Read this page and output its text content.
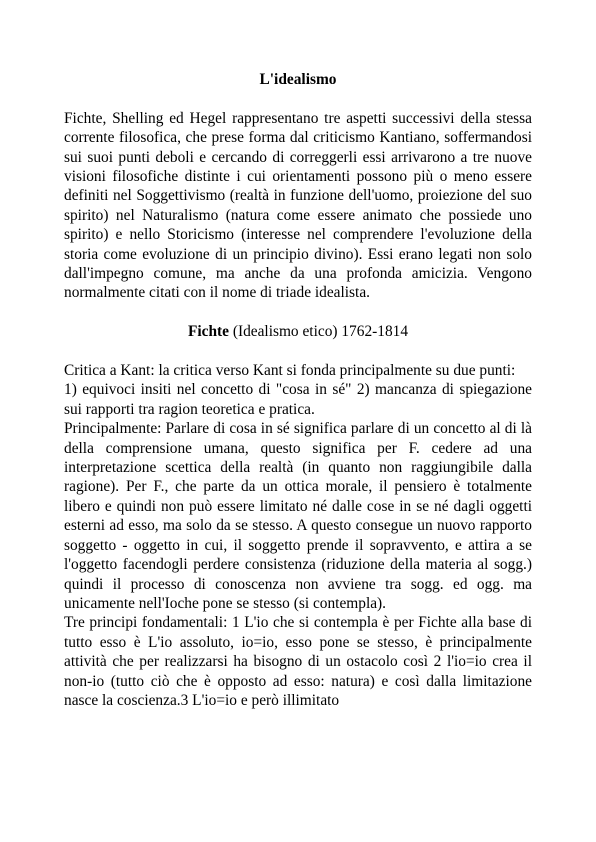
L'idealismo

Fichte, Shelling ed Hegel rappresentano tre aspetti successivi della stessa corrente filosofica, che prese forma dal criticismo Kantiano, soffermandosi sui suoi punti deboli e cercando di correggerli essi arrivarono a tre nuove visioni filosofiche distinte i cui orientamenti possono più o meno essere definiti nel Soggettivismo (realtà in funzione dell'uomo, proiezione del suo spirito) nel Naturalismo (natura come essere animato che possiede uno spirito) e nello Storicismo (interesse nel comprendere l'evoluzione della storia come evoluzione di un principio divino). Essi erano legati non solo dall'impegno comune, ma anche da una profonda amicizia. Vengono normalmente citati con il nome di triade idealista.

Fichte (Idealismo etico) 1762-1814

Critica a Kant: la critica verso Kant si fonda principalmente su due punti:

1) equivoci insiti nel concetto di "cosa in sé" 2) mancanza di spiegazione sui rapporti tra ragion teoretica e pratica.

Principalmente: Parlare di cosa in sé significa parlare di un concetto al di là della comprensione umana, questo significa per F. cedere ad una interpretazione scettica della realtà (in quanto non raggiungibile dalla ragione). Per F., che parte da un ottica morale, il pensiero è totalmente libero e quindi non può essere limitato né dalle cose in se né dagli oggetti esterni ad esso, ma solo da se stesso. A questo consegue un nuovo rapporto soggetto - oggetto in cui, il soggetto prende il sopravvento, e attira a se l'oggetto facendogli perdere consistenza (riduzione della materia al sogg.) quindi il processo di conoscenza non avviene tra sogg. ed ogg. ma unicamente nell'Ioche pone se stesso (si contempla).

Tre principi fondamentali: 1 L'io che si contempla è per Fichte alla base di tutto esso è L'io assoluto, io=io, esso pone se stesso, è principalmente attività che per realizzarsi ha bisogno di un ostacolo così 2 l'io=io crea il non-io (tutto ciò che è opposto ad esso: natura) e così dalla limitazione nasce la coscienza.3 L'io=io e però illimitato
